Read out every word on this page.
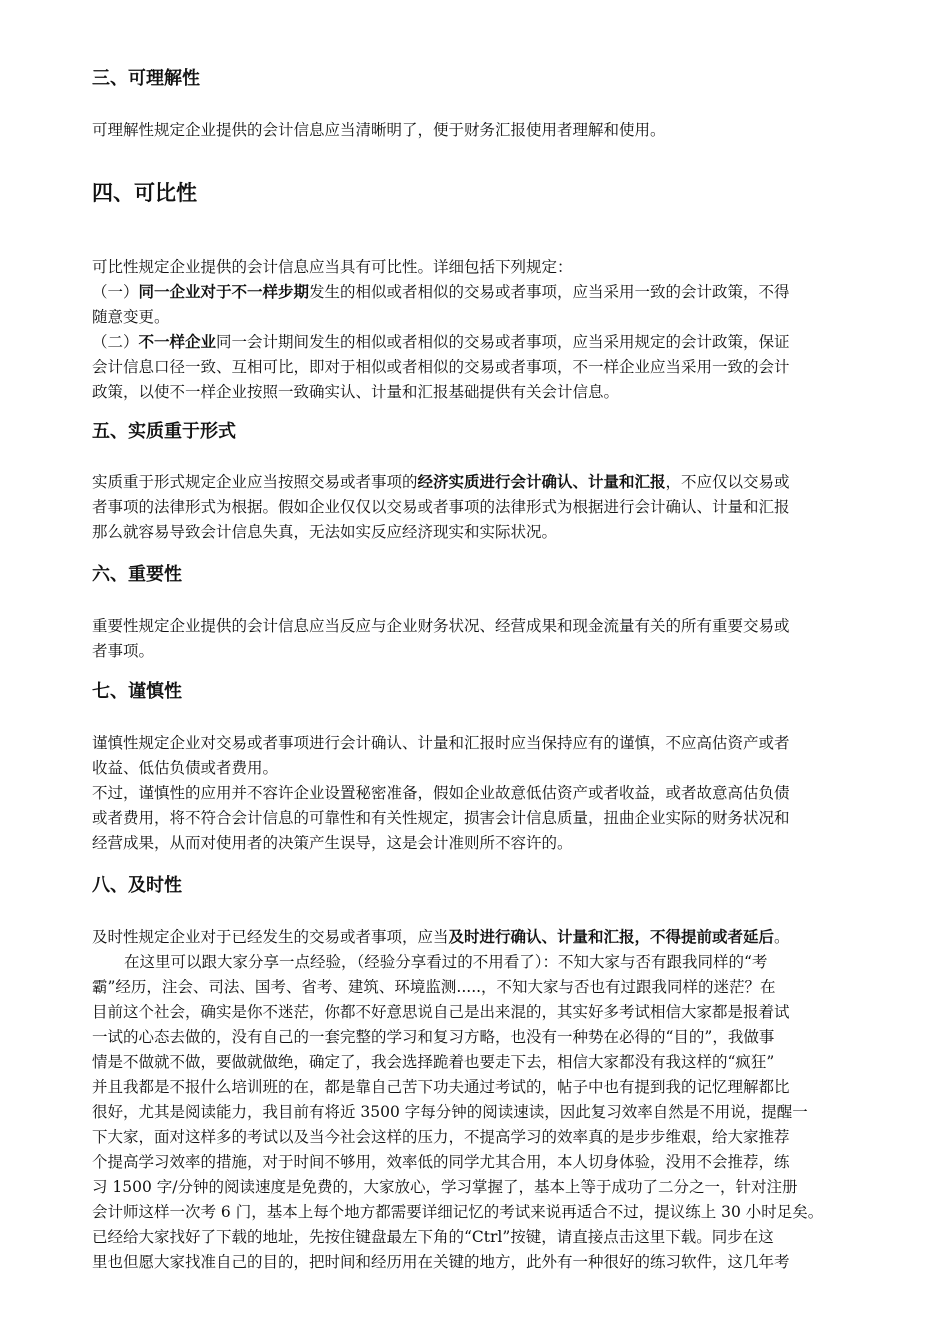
三、可理解性

可理解性规定企业提供的会计信息应当清晰明了，便于财务汇报使用者理解和使用。

四、可比性

可比性规定企业提供的会计信息应当具有可比性。详细包括下列规定：
（一）同一企业对于不一样步期发生的相似或者相似的交易或者事项，应当采用一致的会计政策，不得
随意变更。
（二）不一样企业同一会计期间发生的相似或者相似的交易或者事项，应当采用规定的会计政策，保证
会计信息口径一致、互相可比，即对于相似或者相似的交易或者事项，不一样企业应当采用一致的会计
政策，以使不一样企业按照一致确实认、计量和汇报基础提供有关会计信息。

五、实质重于形式

实质重于形式规定企业应当按照交易或者事项的经济实质进行会计确认、计量和汇报，不应仅以交易或
者事项的法律形式为根据。假如企业仅仅以交易或者事项的法律形式为根据进行会计确认、计量和汇报
那么就容易导致会计信息失真，无法如实反应经济现实和实际状况。

六、重要性

重要性规定企业提供的会计信息应当反应与企业财务状况、经营成果和现金流量有关的所有重要交易或
者事项。

七、谨慎性

谨慎性规定企业对交易或者事项进行会计确认、计量和汇报时应当保持应有的谨慎，不应高估资产或者
收益、低估负债或者费用。
不过，谨慎性的应用并不容许企业设置秘密准备，假如企业故意低估资产或者收益，或者故意高估负债
或者费用，将不符合会计信息的可靠性和有关性规定，损害会计信息质量，扭曲企业实际的财务状况和
经营成果，从而对使用者的决策产生误导，这是会计准则所不容许的。

八、及时性

及时性规定企业对于已经发生的交易或者事项，应当及时进行确认、计量和汇报，不得提前或者延后。
在这里可以跟大家分享一点经验，（经验分享看过的不用看了）：不知大家与否有跟我同样的“考
霸”经历，注会、司法、国考、省考、建筑、环境监测.....，不知大家与否也有过跟我同样的迷茫？在
目前这个社会，确实是你不迷茫，你都不好意思说自己是出来混的，其实好多考试相信大家都是报着试
一试的心态去做的，没有自己的一套完整的学习和复习方略，也没有一种势在必得的“目的”，我做事
情是不做就不做，要做就做绝，确定了，我会选择跪着也要走下去，相信大家都没有我这样的“疯狂”
并且我都是不报什么培训班的在，都是靠自己苦下功夫通过考试的，帖子中也有提到我的记忆理解都比
很好，尤其是阅读能力，我目前有将近 3500 字每分钟的阅读速读，因此复习效率自然是不用说，提醒一
下大家，面对这样多的考试以及当今社会这样的压力，不提高学习的效率真的是步步维艰，给大家推荐
个提高学习效率的措施，对于时间不够用，效率低的同学尤其合用，本人切身体验，没用不会推荐，练
习 1500 字/分钟的阅读速度是免费的，大家放心，学习掌握了，基本上等于成功了二分之一，针对注册
会计师这样一次考 6 门，基本上每个地方都需要详细记忆的考试来说再适合不过，提议练上 30 小时足矣。
已经给大家找好了下载的地址，先按住键盘最左下角的“Ctrl”按键，请直接点击这里下载。同步在这
里也但愿大家找准自己的目的，把时间和经历用在关键的地方，此外有一种很好的练习软件，这几年考
